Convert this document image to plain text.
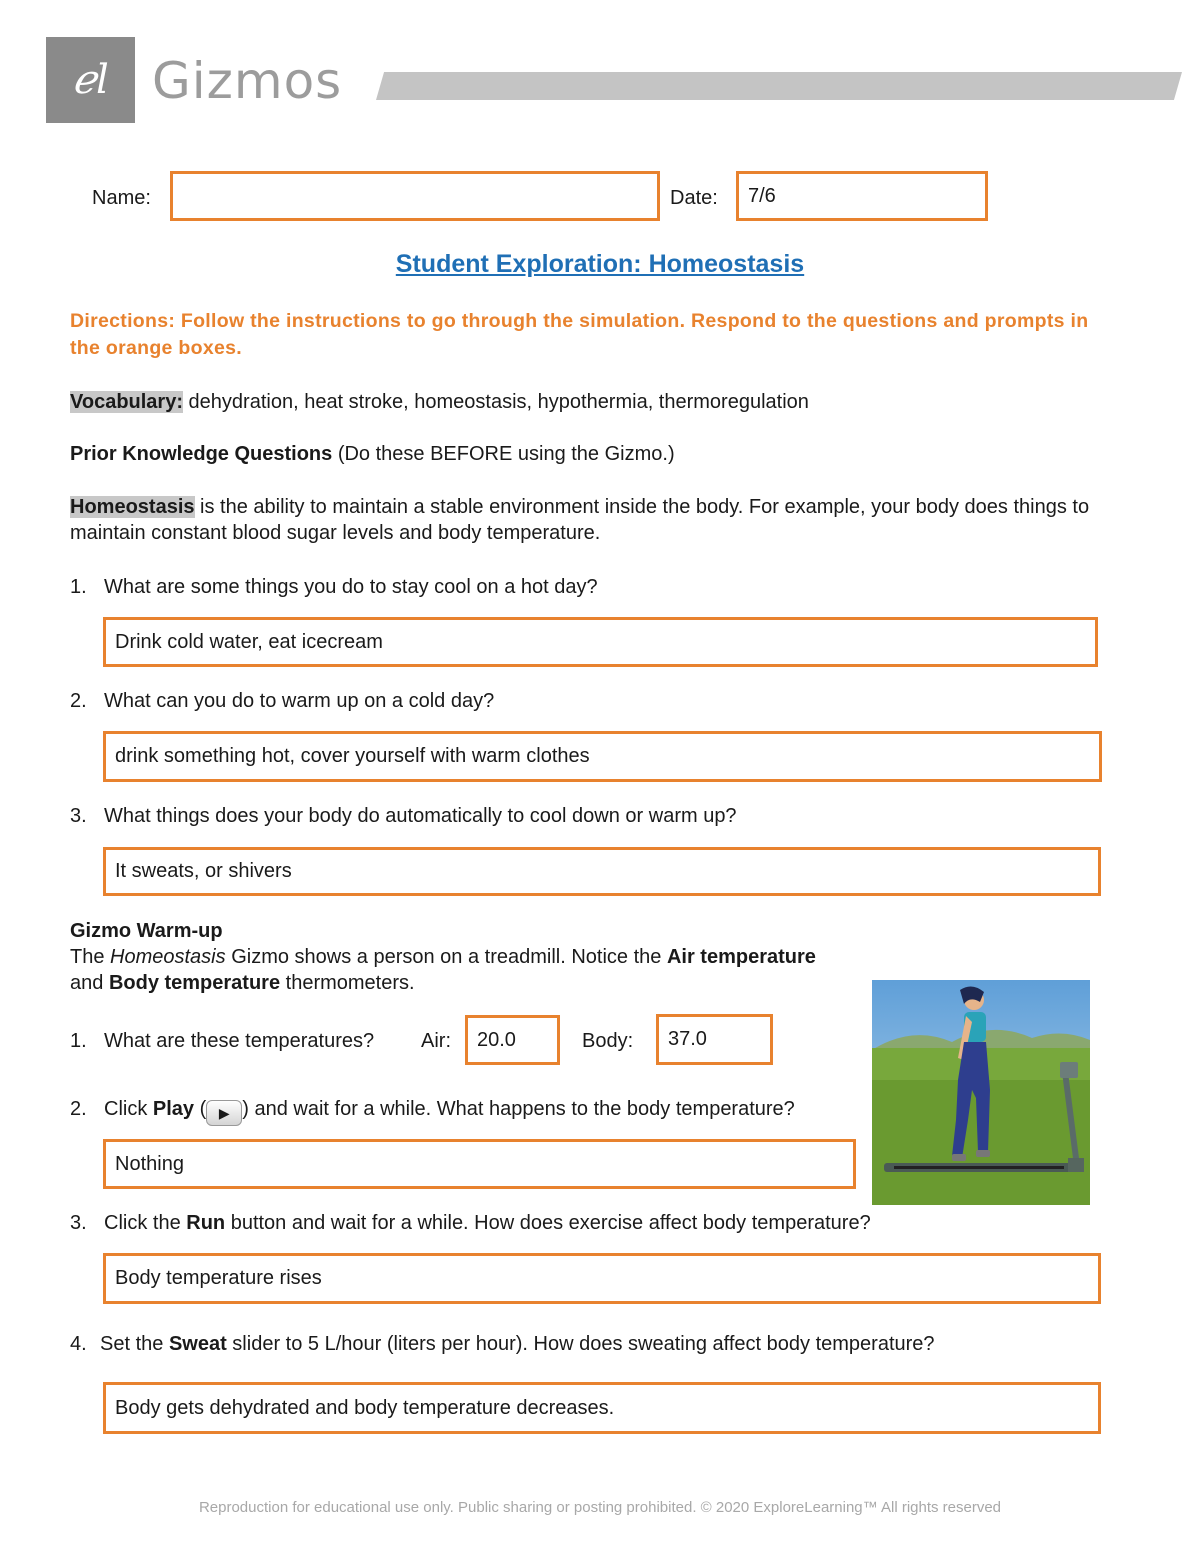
ℯl Gizmos
Name:	Date:	7/6
Student Exploration: Homeostasis
Directions: Follow the instructions to go through the simulation. Respond to the questions and prompts in the orange boxes.
Vocabulary: dehydration, heat stroke, homeostasis, hypothermia, thermoregulation
Prior Knowledge Questions (Do these BEFORE using the Gizmo.)
Homeostasis is the ability to maintain a stable environment inside the body. For example, your body does things to maintain constant blood sugar levels and body temperature.
1. What are some things you do to stay cool on a hot day?
Drink cold water, eat icecream
2. What can you do to warm up on a cold day?
drink something hot, cover yourself with warm clothes
3. What things does your body do automatically to cool down or warm up?
It sweats, or shivers
Gizmo Warm-up
The Homeostasis Gizmo shows a person on a treadmill. Notice the Air temperature
and Body temperature thermometers.
1. What are these temperatures? Air:	20.0	Body:	37.0
2. Click Play ( ▶ ) and wait for a while. What happens to the body temperature?
Nothing
3. Click the Run button and wait for a while. How does exercise affect body temperature?
Body temperature rises
4. Set the Sweat slider to 5 L/hour (liters per hour). How does sweating affect body temperature?
Body gets dehydrated and body temperature decreases.
Reproduction for educational use only. Public sharing or posting prohibited. © 2020 ExploreLearning™ All rights reserved
